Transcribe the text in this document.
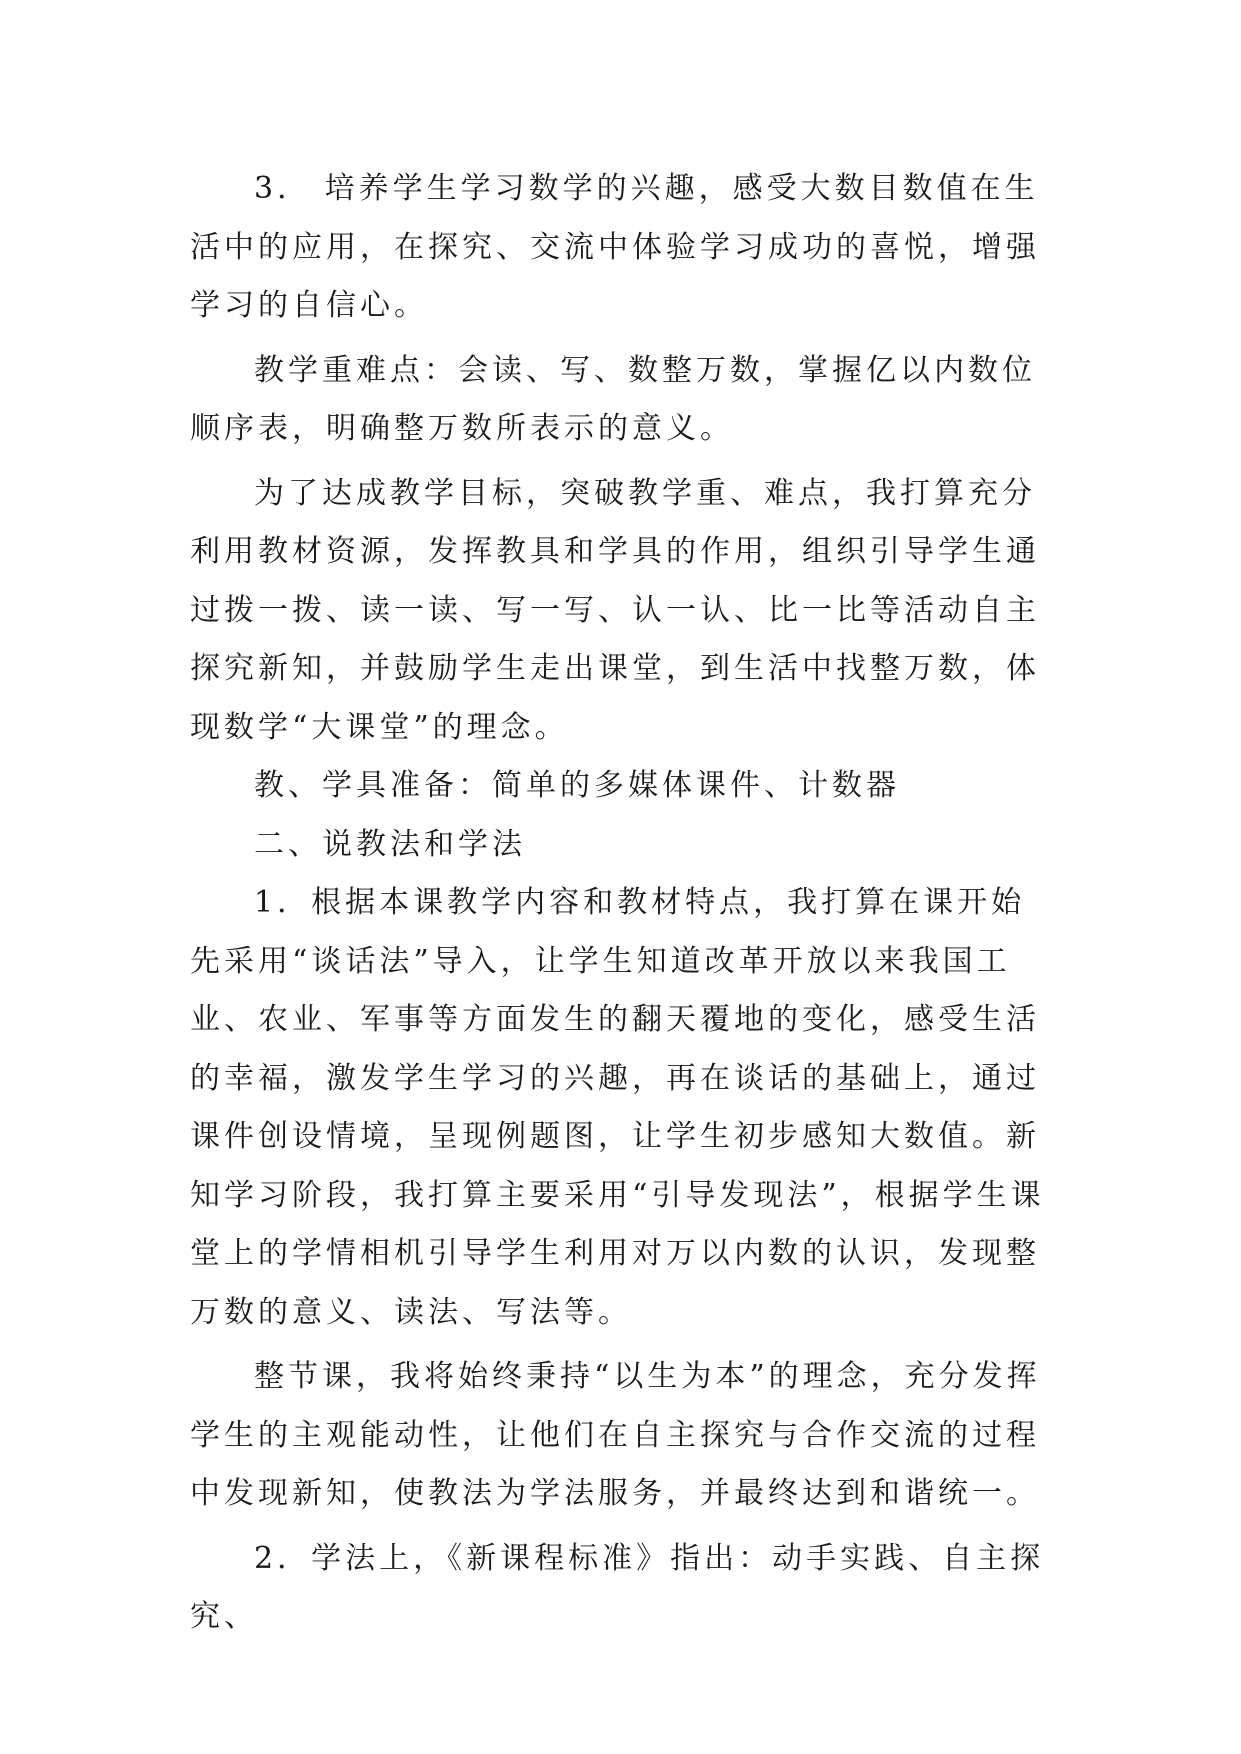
3． 培养学生学习数学的兴趣，感受大数目数值在生活中的应用，在探究、交流中体验学习成功的喜悦，增强学习的自信心。

教学重难点：会读、写、数整万数，掌握亿以内数位顺序表，明确整万数所表示的意义。

为了达成教学目标，突破教学重、难点，我打算充分利用教材资源，发挥教具和学具的作用，组织引导学生通过拨一拨、读一读、写一写、认一认、比一比等活动自主探究新知，并鼓励学生走出课堂，到生活中找整万数，体现数学“大课堂”的理念。

教、学具准备：简单的多媒体课件、计数器

二、说教法和学法

1．根据本课教学内容和教材特点，我打算在课开始先采用“谈话法”导入，让学生知道改革开放以来我国工业、农业、军事等方面发生的翻天覆地的变化，感受生活的幸福，激发学生学习的兴趣，再在谈话的基础上，通过课件创设情境，呈现例题图，让学生初步感知大数值。新知学习阶段，我打算主要采用“引导发现法”，根据学生课堂上的学情相机引导学生利用对万以内数的认识，发现整万数的意义、读法、写法等。

整节课，我将始终秉持“以生为本”的理念，充分发挥学生的主观能动性，让他们在自主探究与合作交流的过程中发现新知，使教法为学法服务，并最终达到和谐统一。

2．学法上，《新课程标准》指出：动手实践、自主探究、
